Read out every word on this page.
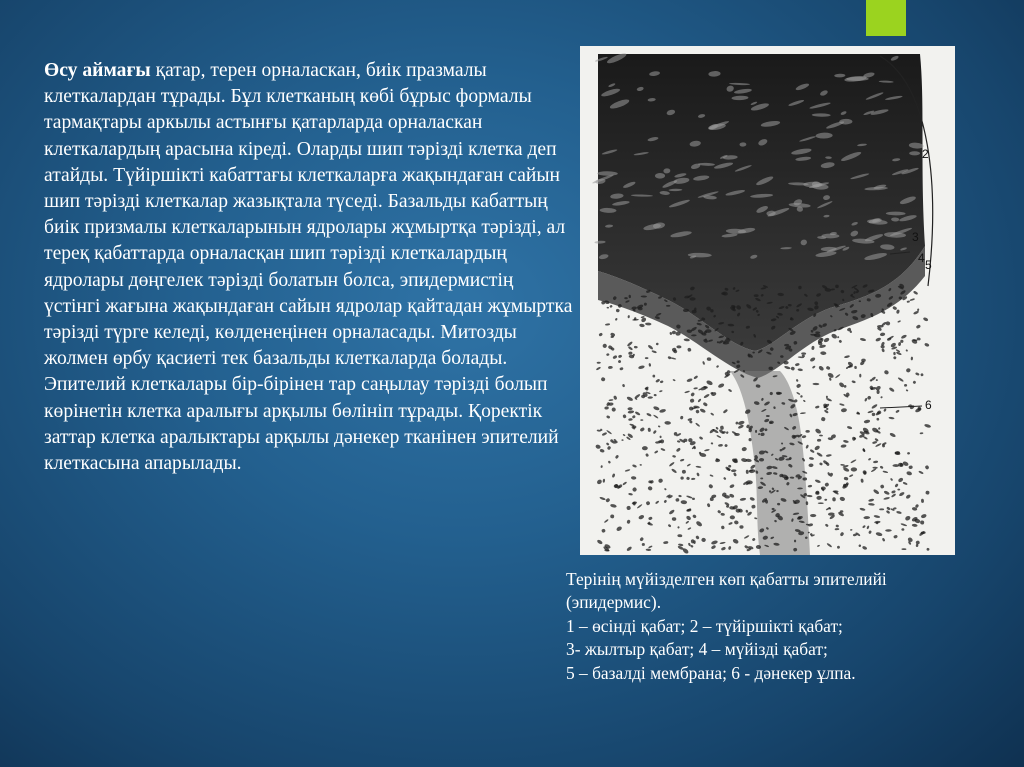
Өсу аймағы қатар, терен орналаскан, биік празмалы клеткалардан тұрады. Бұл клетканың көбі бұрыс формалы тармақтары аркылы астынғы қатарларда орналаскан клеткалардың арасына кіреді. Оларды шип тәрізді клетка деп атайды. Түйіршікті кабаттағы клеткаларға жақындаған сайын шип тәрізді клеткалар жазықтала түседі. Базальды кабаттың биік призмалы клеткаларынын ядролары жұмыртқа тәрізді, ал тереқ қабаттарда орналасқан шип тәрізді клеткалардың ядролары дөңгелек тәрізді болатын болса, эпидермистің үстінгі жағына жақындаған сайын ядролар қайтадан жұмыртка тәрізді түрге келеді, көлденеңінен орналасады. Митозды жолмен өрбу қасиеті тек базальды клеткаларда болады. Эпителий клеткалары бір-бірінен тар саңылау тәрізді болып көрінетін клетка аралығы арқылы бөлініп тұрады. Қоректік заттар клетка аралыктары арқылы дәнекер тканінен эпителий клеткасына апарылады.
2
3
4 5
6
Терінің мүйізделген көп қабатты эпителийі
(эпидермис).
1 – өсінді қабат; 2 – түйіршікті қабат;
3- жылтыр қабат; 4 – мүйізді қабат;
5 – базалді мембрана; 6 - дәнекер ұлпа.
